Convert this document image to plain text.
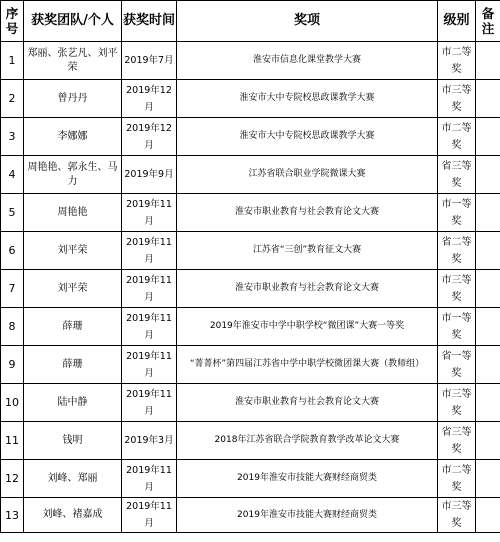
序号	获奖团队/个人	获奖时间	奖项	级别	备注
1	郑丽、张艺凡、刘平荣	2019年7月	淮安市信息化课堂教学大赛	市二等奖	
2	曾丹丹	2019年12月	淮安市大中专院校思政课教学大赛	市三等奖	
3	李娜娜	2019年12月	淮安市大中专院校思政课教学大赛	市二等奖	
4	周艳艳、郭永生、马力	2019年9月	江苏省联合职业学院微课大赛	省三等奖	
5	周艳艳	2019年11月	淮安市职业教育与社会教育论文大赛	市一等奖	
6	刘平荣	2019年11月	江苏省“三创”教育征文大赛	省二等奖	
7	刘平荣	2019年11月	淮安市职业教育与社会教育论文大赛	市三等奖	
8	薛珊	2019年11月	2019年淮安市中学中职学校“微团课”大赛一等奖	市一等奖	
9	薛珊	2019年11月	“菁菁杯”第四届江苏省中学中职学校微团课大赛（教师组）	省一等奖	
10	陆中静	2019年11月	淮安市职业教育与社会教育论文大赛	市三等奖	
11	钱明	2019年3月	2018年江苏省联合学院教育教学改革论文大赛	省三等奖	
12	刘峰、郑丽	2019年11月	2019年淮安市技能大赛财经商贸类	市二等奖	
13	刘峰、褚嘉成	2019年11月	2019年淮安市技能大赛财经商贸类	市三等奖	
